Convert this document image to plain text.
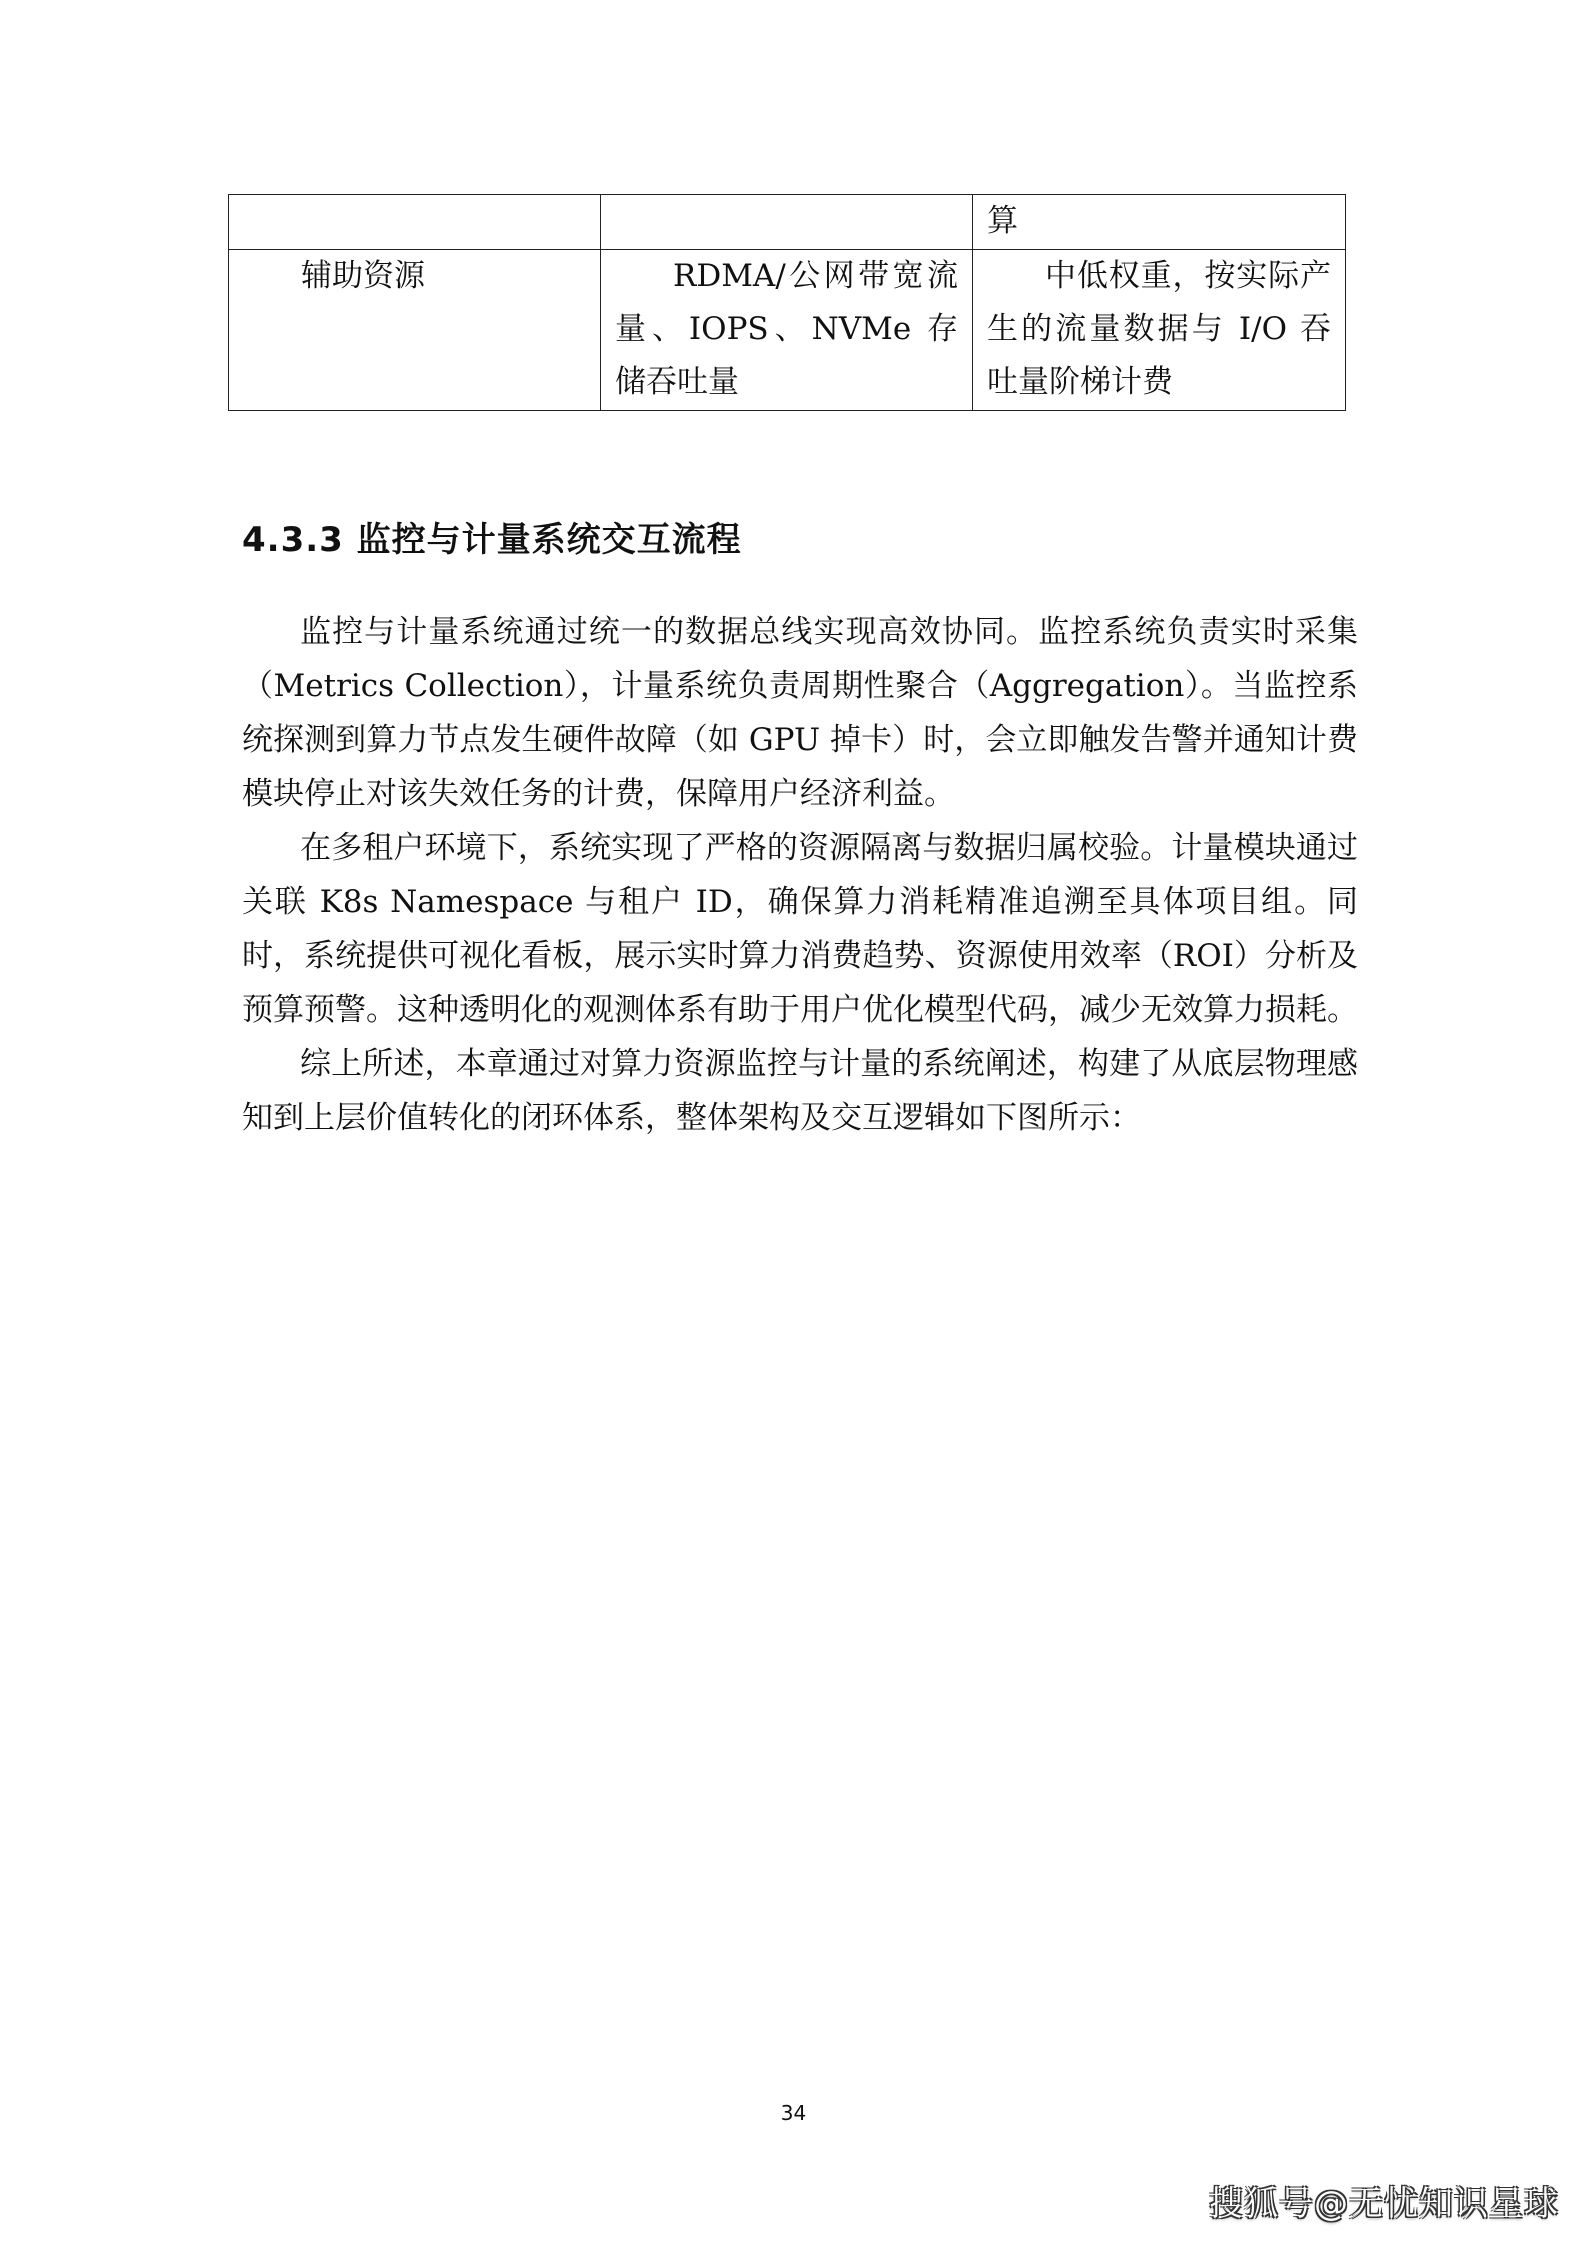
		算
辅助资源	RDMA/公网带宽流量、IOPS、NVMe 存储吞吐量	中低权重，按实际产生的流量数据与 I/O 吞吐量阶梯计费
4.3.3 监控与计量系统交互流程

监控与计量系统通过统一的数据总线实现高效协同。监控系统负责实时采集（Metrics Collection），计量系统负责周期性聚合（Aggregation）。当监控系统探测到算力节点发生硬件故障（如 GPU 掉卡）时，会立即触发告警并通知计费模块停止对该失效任务的计费，保障用户经济利益。

在多租户环境下，系统实现了严格的资源隔离与数据归属校验。计量模块通过关联 K8s Namespace 与租户 ID，确保算力消耗精准追溯至具体项目组。同时，系统提供可视化看板，展示实时算力消费趋势、资源使用效率（ROI）分析及预算预警。这种透明化的观测体系有助于用户优化模型代码，减少无效算力损耗。

综上所述，本章通过对算力资源监控与计量的系统阐述，构建了从底层物理感知到上层价值转化的闭环体系，整体架构及交互逻辑如下图所示：

34
搜狐号@无忧知识星球
